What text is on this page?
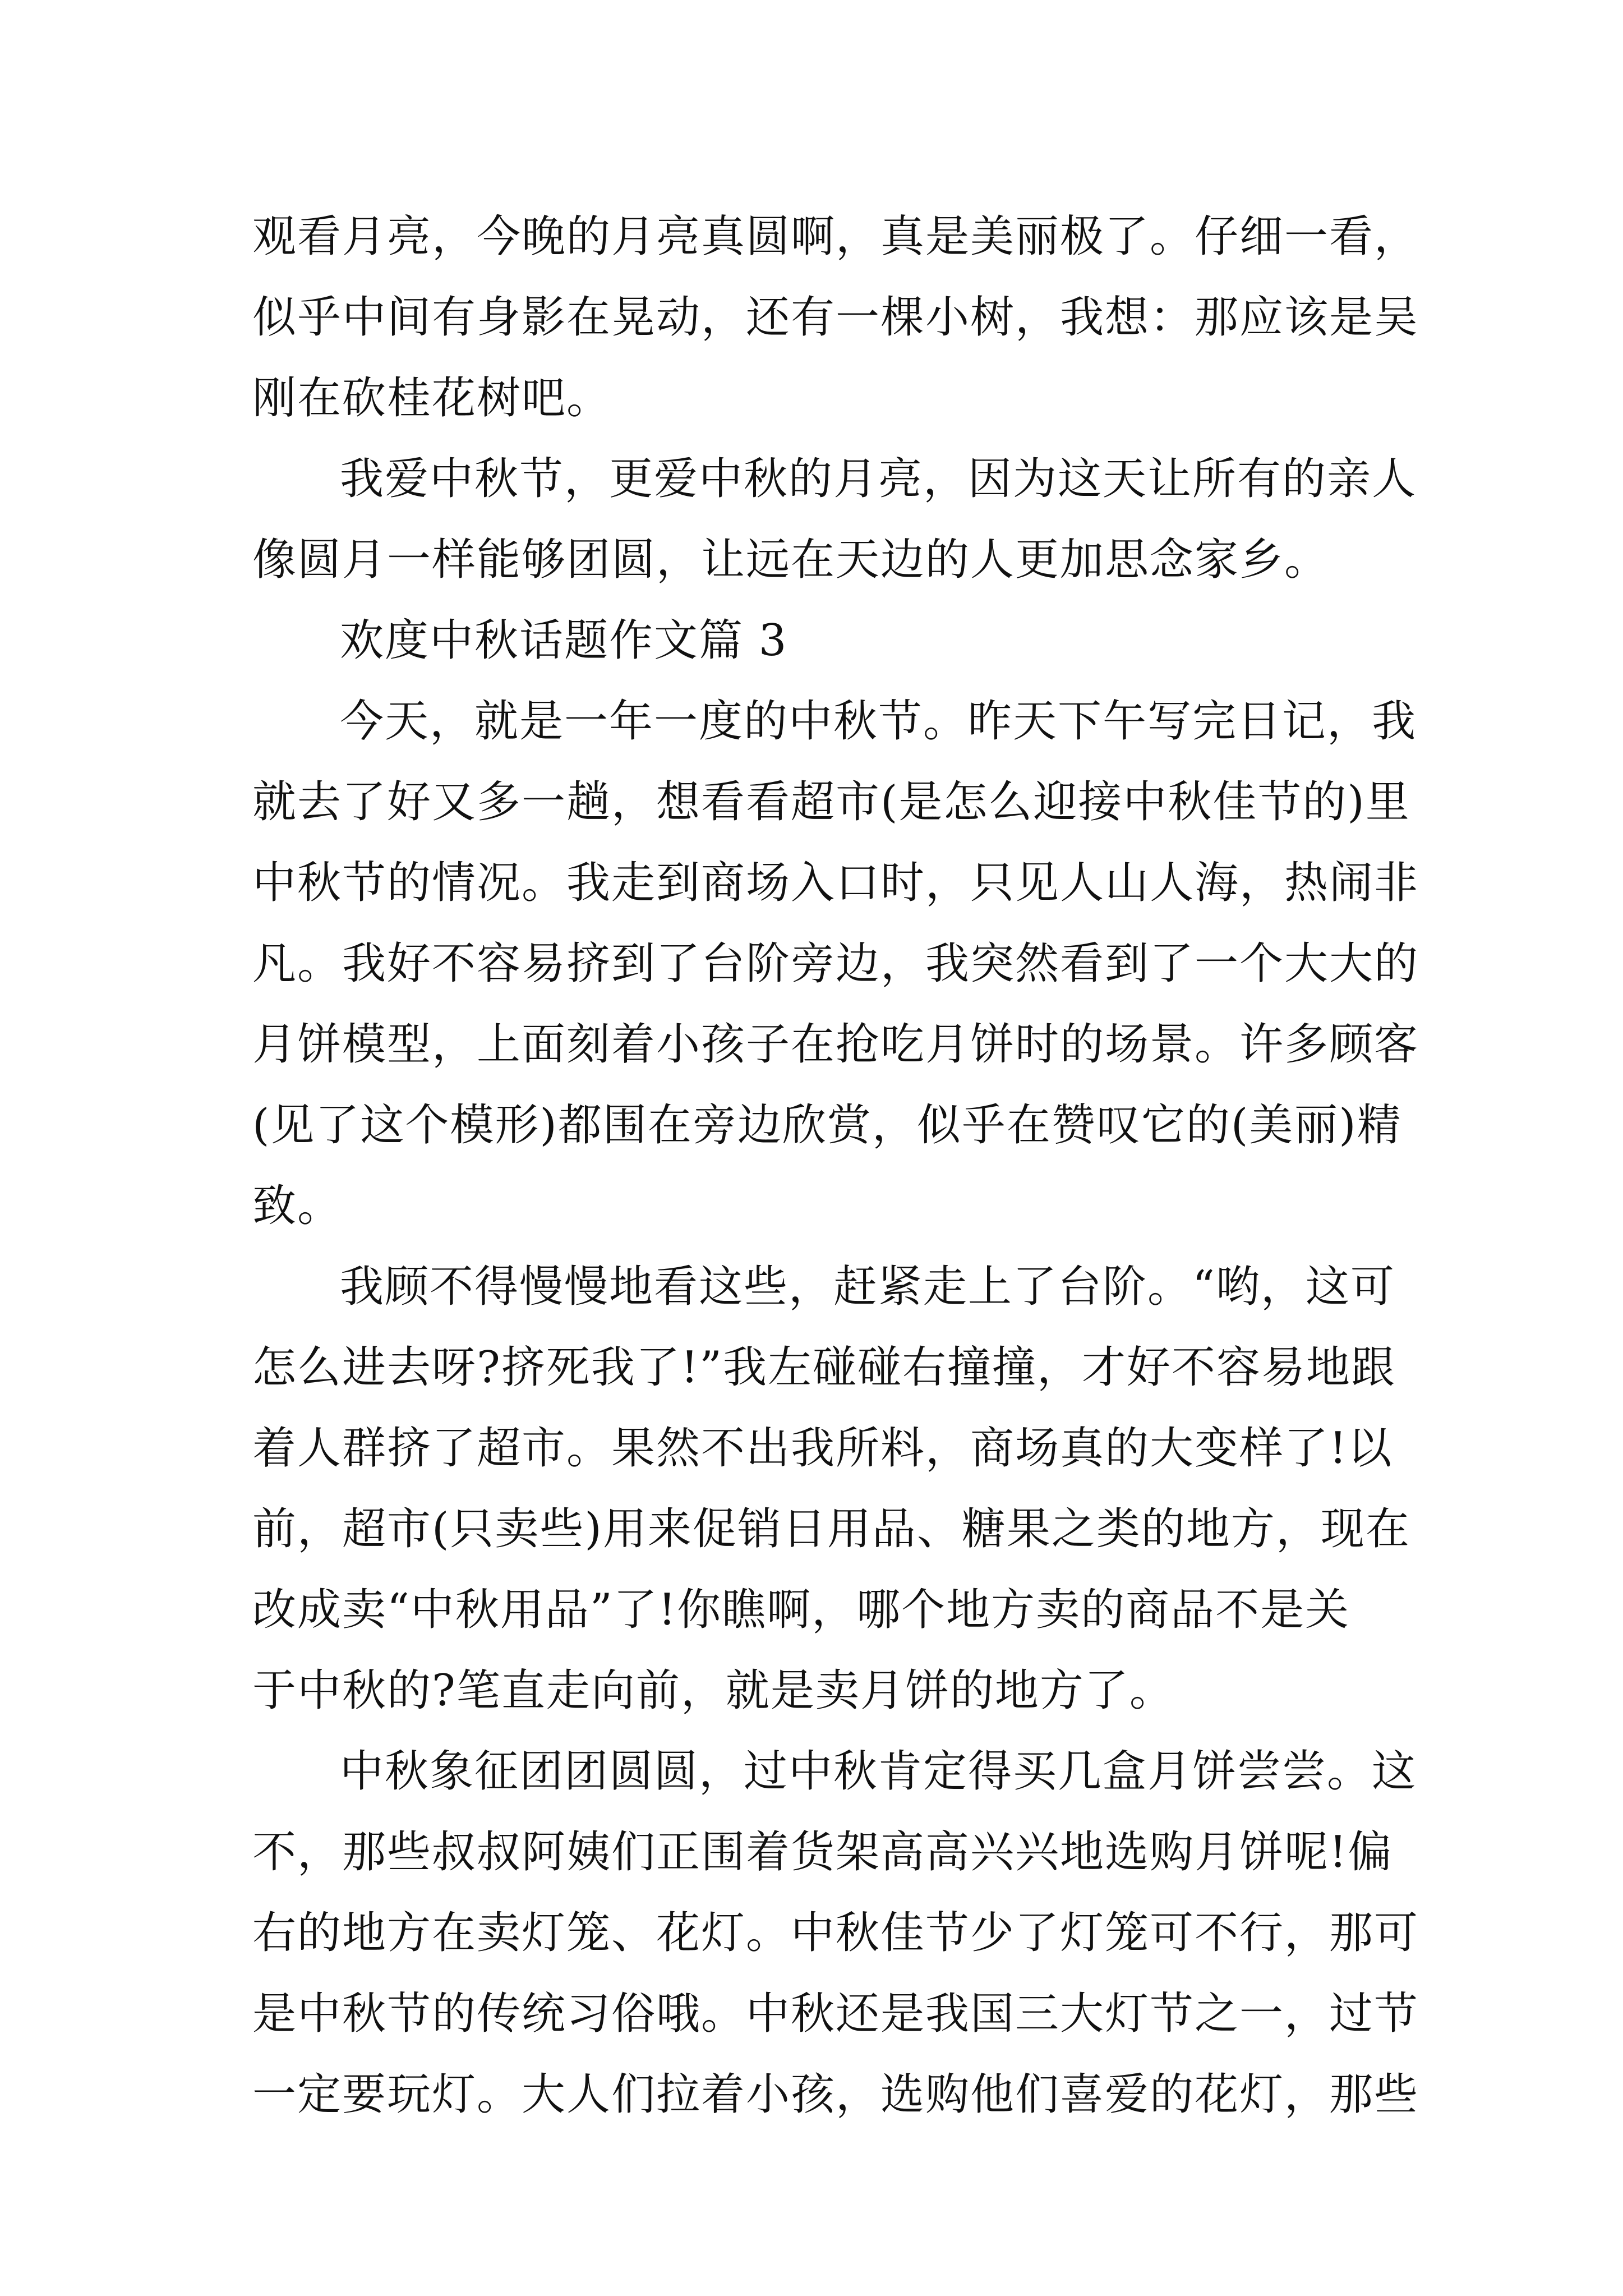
观看月亮，今晚的月亮真圆啊，真是美丽极了。仔细一看，
似乎中间有身影在晃动，还有一棵小树，我想：那应该是吴
刚在砍桂花树吧。
我爱中秋节，更爱中秋的月亮，因为这天让所有的亲人
像圆月一样能够团圆，让远在天边的人更加思念家乡。
欢度中秋话题作文篇 3
今天，就是一年一度的中秋节。昨天下午写完日记，我
就去了好又多一趟，想看看超市(是怎么迎接中秋佳节的)里
中秋节的情况。我走到商场入口时，只见人山人海，热闹非
凡。我好不容易挤到了台阶旁边，我突然看到了一个大大的
月饼模型，上面刻着小孩子在抢吃月饼时的场景。许多顾客
(见了这个模形)都围在旁边欣赏，似乎在赞叹它的(美丽)精
致。
我顾不得慢慢地看这些，赶紧走上了台阶。“哟，这可
怎么进去呀?挤死我了!”我左碰碰右撞撞，才好不容易地跟
着人群挤了超市。果然不出我所料，商场真的大变样了!以
前，超市(只卖些)用来促销日用品、糖果之类的地方，现在
改成卖“中秋用品”了!你瞧啊，哪个地方卖的商品不是关
于中秋的?笔直走向前，就是卖月饼的地方了。
中秋象征团团圆圆，过中秋肯定得买几盒月饼尝尝。这
不，那些叔叔阿姨们正围着货架高高兴兴地选购月饼呢!偏
右的地方在卖灯笼、花灯。中秋佳节少了灯笼可不行，那可
是中秋节的传统习俗哦。中秋还是我国三大灯节之一，过节
一定要玩灯。大人们拉着小孩，选购他们喜爱的花灯，那些
